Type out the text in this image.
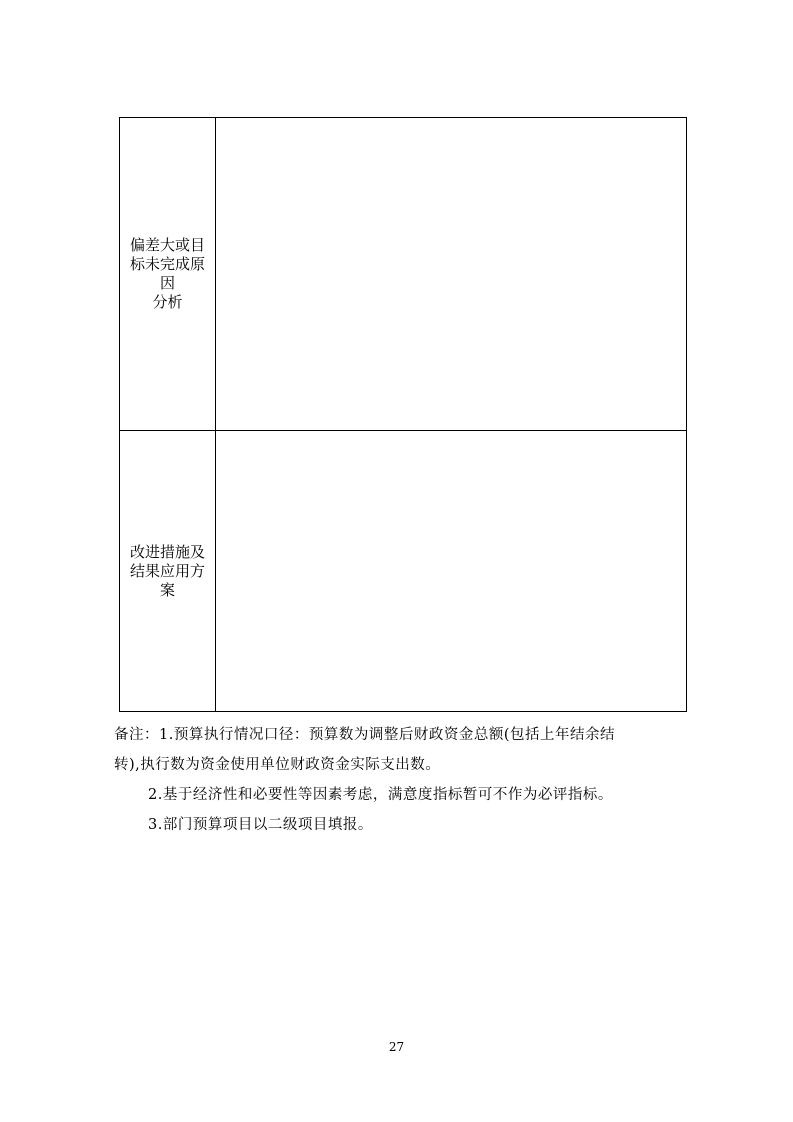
偏差大或目
标未完成原
因
分析	

改进措施及
结果应用方
案	

备注：1.预算执行情况口径：预算数为调整后财政资金总额(包括上年结余结
转),执行数为资金使用单位财政资金实际支出数。
2.基于经济性和必要性等因素考虑，满意度指标暂可不作为必评指标。
3.部门预算项目以二级项目填报。
27
